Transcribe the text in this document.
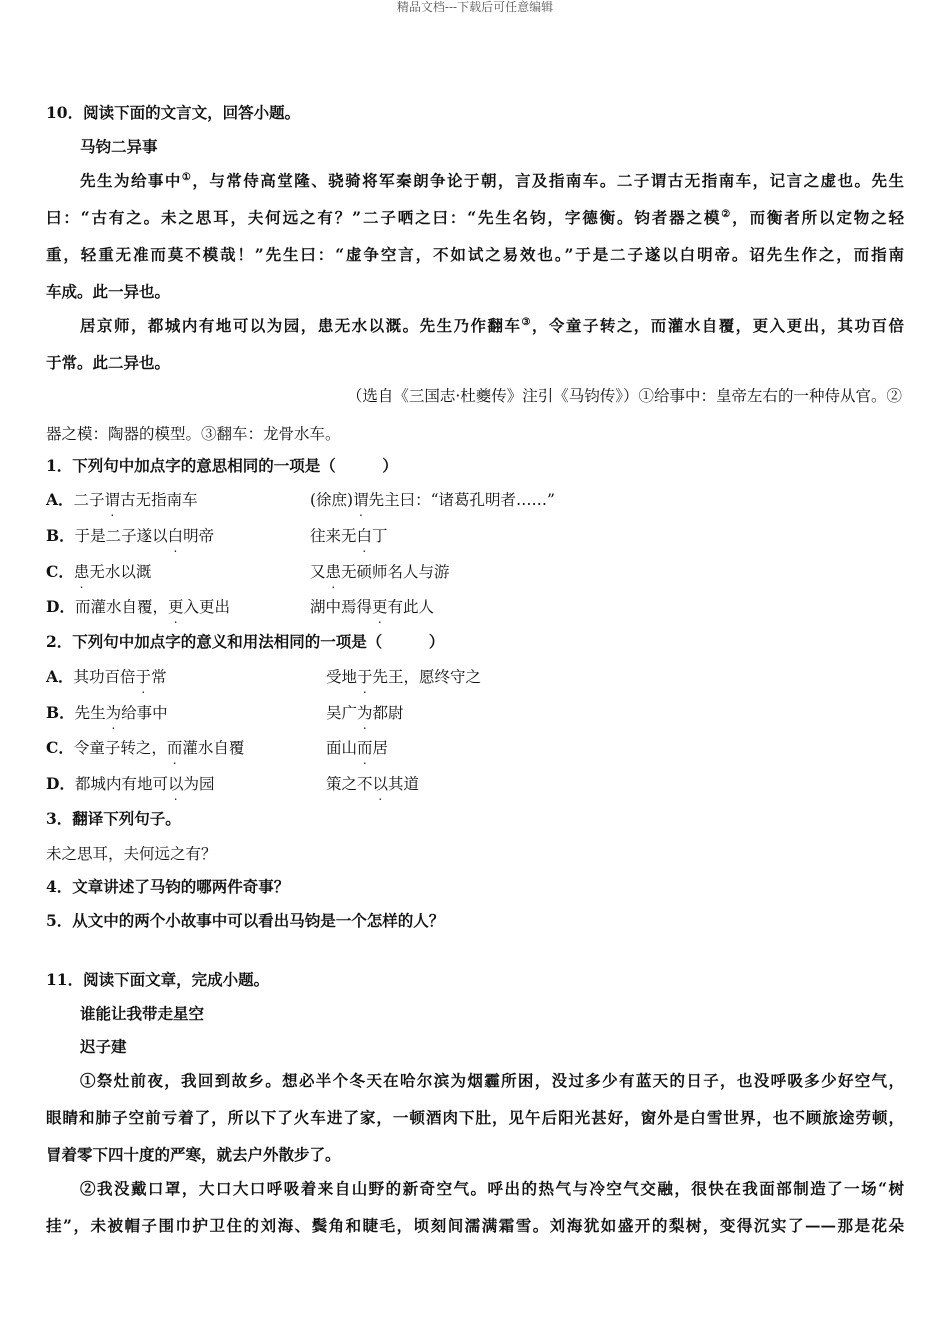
精品文档---下载后可任意编辑
10．阅读下面的文言文，回答小题。
马钧二异事
先生为给事中①，与常侍高堂隆、骁骑将军秦朗争论于朝，言及指南车。二子谓古无指南车，记言之虚也。先生
曰：“古有之。未之思耳，夫何远之有？”二子哂之曰：“先生名钧，字德衡。钧者器之模②，而衡者所以定物之轻
重，轻重无准而莫不模哉！”先生曰：“虚争空言，不如试之易效也。”于是二子遂以白明帝。诏先生作之，而指南
车成。此一异也。
居京师，都城内有地可以为园，患无水以溉。先生乃作翻车③，令童子转之，而灌水自覆，更入更出，其功百倍
于常。此二异也。
（选自《三国志·杜夔传》注引《马钧传》）①给事中：皇帝左右的一种侍从官。②
器之模：陶器的模型。③翻车：龙骨水车。
1．下列句中加点字的意思相同的一项是（　　　）
A．二子谓古无指南车	(徐庶)谓先主曰：“诸葛孔明者……”
B．于是二子遂以白明帝	往来无白丁
C．患无水以溉	又患无硕师名人与游
D．而灌水自覆，更入更出	湖中焉得更有此人
2．下列句中加点字的意义和用法相同的一项是（　　　）
A．其功百倍于常	受地于先王，愿终守之
B．先生为给事中	吴广为都尉
C．令童子转之，而灌水自覆	面山而居
D．都城内有地可以为园	策之不以其道
3．翻译下列句子。
未之思耳，夫何远之有？
4．文章讲述了马钧的哪两件奇事？
5．从文中的两个小故事中可以看出马钧是一个怎样的人？
11．阅读下面文章，完成小题。
谁能让我带走星空
迟子建
①祭灶前夜，我回到故乡。想必半个冬天在哈尔滨为烟霾所困，没过多少有蓝天的日子，也没呼吸多少好空气，
眼睛和肺子空前亏着了，所以下了火车进了家，一顿酒肉下肚，见午后阳光甚好，窗外是白雪世界，也不顾旅途劳顿，
冒着零下四十度的严寒，就去户外散步了。
②我没戴口罩，大口大口呼吸着来自山野的新奇空气。呼出的热气与冷空气交融，很快在我面部制造了一场“树
挂”，未被帽子围巾护卫住的刘海、鬓角和睫毛，顷刻间濡满霜雪。刘海犹如盛开的梨树，变得沉实了——那是花朵
